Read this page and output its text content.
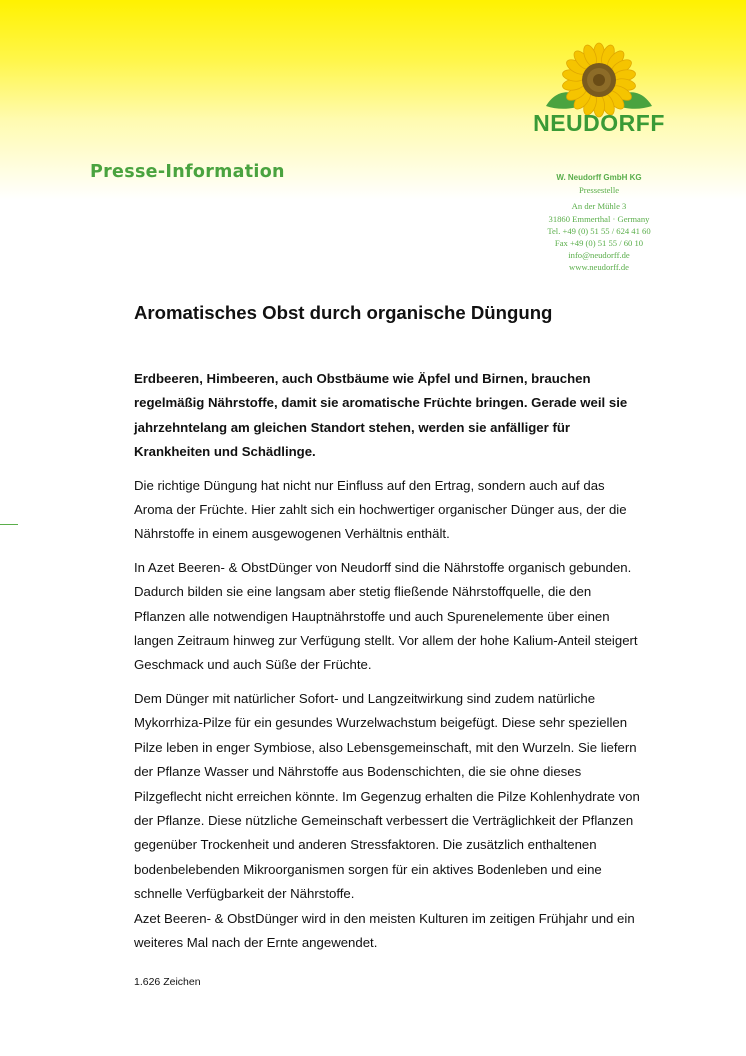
NEUDORFF
Presse-Information	W. Neudorff GmbH KG
Pressestelle
An der Mühle 3
31860 Emmerthal · Germany
Tel. +49 (0) 51 55 / 624 41 60
Fax +49 (0) 51 55 / 60 10
info@neudorff.de
www.neudorff.de
Aromatisches Obst durch organische Düngung

Erdbeeren, Himbeeren, auch Obstbäume wie Äpfel und Birnen, brauchen regelmäßig Nährstoffe, damit sie aromatische Früchte bringen. Gerade weil sie jahrzehntelang am gleichen Standort stehen, werden sie anfälliger für Krankheiten und Schädlinge.

Die richtige Düngung hat nicht nur Einfluss auf den Ertrag, sondern auch auf das Aroma der Früchte. Hier zahlt sich ein hochwertiger organischer Dünger aus, der die Nährstoffe in einem ausgewogenen Verhältnis enthält.

In Azet Beeren- & ObstDünger von Neudorff sind die Nährstoffe organisch gebunden. Dadurch bilden sie eine langsam aber stetig fließende Nährstoffquelle, die den Pflanzen alle notwendigen Hauptnährstoffe und auch Spurenelemente über einen langen Zeitraum hinweg zur Verfügung stellt. Vor allem der hohe Kalium-Anteil steigert Geschmack und auch Süße der Früchte.

Dem Dünger mit natürlicher Sofort- und Langzeitwirkung sind zudem natürliche Mykorrhiza-Pilze für ein gesundes Wurzelwachstum beigefügt. Diese sehr speziellen Pilze leben in enger Symbiose, also Lebensgemeinschaft, mit den Wurzeln. Sie liefern der Pflanze Wasser und Nährstoffe aus Bodenschichten, die sie ohne dieses Pilzgeflecht nicht erreichen könnte. Im Gegenzug erhalten die Pilze Kohlenhydrate von der Pflanze. Diese nützliche Gemeinschaft verbessert die Verträglichkeit der Pflanzen gegenüber Trockenheit und anderen Stressfaktoren. Die zusätzlich enthaltenen bodenbelebenden Mikroorganismen sorgen für ein aktives Bodenleben und eine schnelle Verfügbarkeit der Nährstoffe.

Azet Beeren- & ObstDünger wird in den meisten Kulturen im zeitigen Frühjahr und ein weiteres Mal nach der Ernte angewendet.

1.626 Zeichen
